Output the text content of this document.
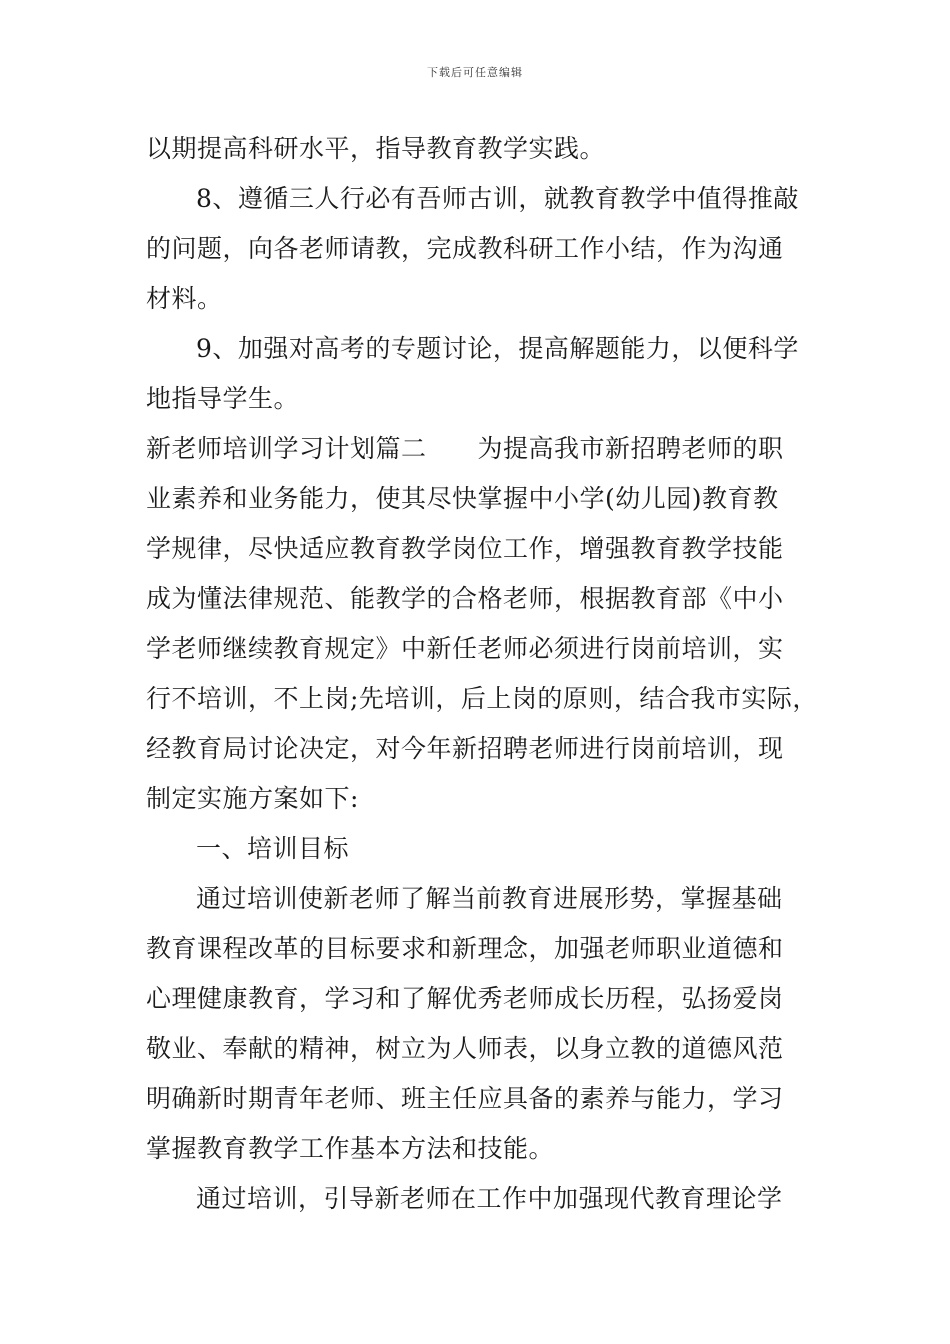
下载后可任意编辑
以期提高科研水平，指导教育教学实践。
8、遵循三人行必有吾师古训，就教育教学中值得推敲
的问题，向各老师请教，完成教科研工作小结，作为沟通
材料。
9、加强对高考的专题讨论，提高解题能力，以便科学
地指导学生。
新老师培训学习计划篇二　　为提高我市新招聘老师的职
业素养和业务能力，使其尽快掌握中小学(幼儿园)教育教
学规律，尽快适应教育教学岗位工作，增强教育教学技能
成为懂法律规范、能教学的合格老师，根据教育部《中小
学老师继续教育规定》中新任老师必须进行岗前培训，实
行不培训，不上岗;先培训，后上岗的原则，结合我市实际，
经教育局讨论决定，对今年新招聘老师进行岗前培训，现
制定实施方案如下:
一、培训目标
通过培训使新老师了解当前教育进展形势，掌握基础
教育课程改革的目标要求和新理念，加强老师职业道德和
心理健康教育，学习和了解优秀老师成长历程，弘扬爱岗
敬业、奉献的精神，树立为人师表，以身立教的道德风范
明确新时期青年老师、班主任应具备的素养与能力，学习
掌握教育教学工作基本方法和技能。
通过培训，引导新老师在工作中加强现代教育理论学
